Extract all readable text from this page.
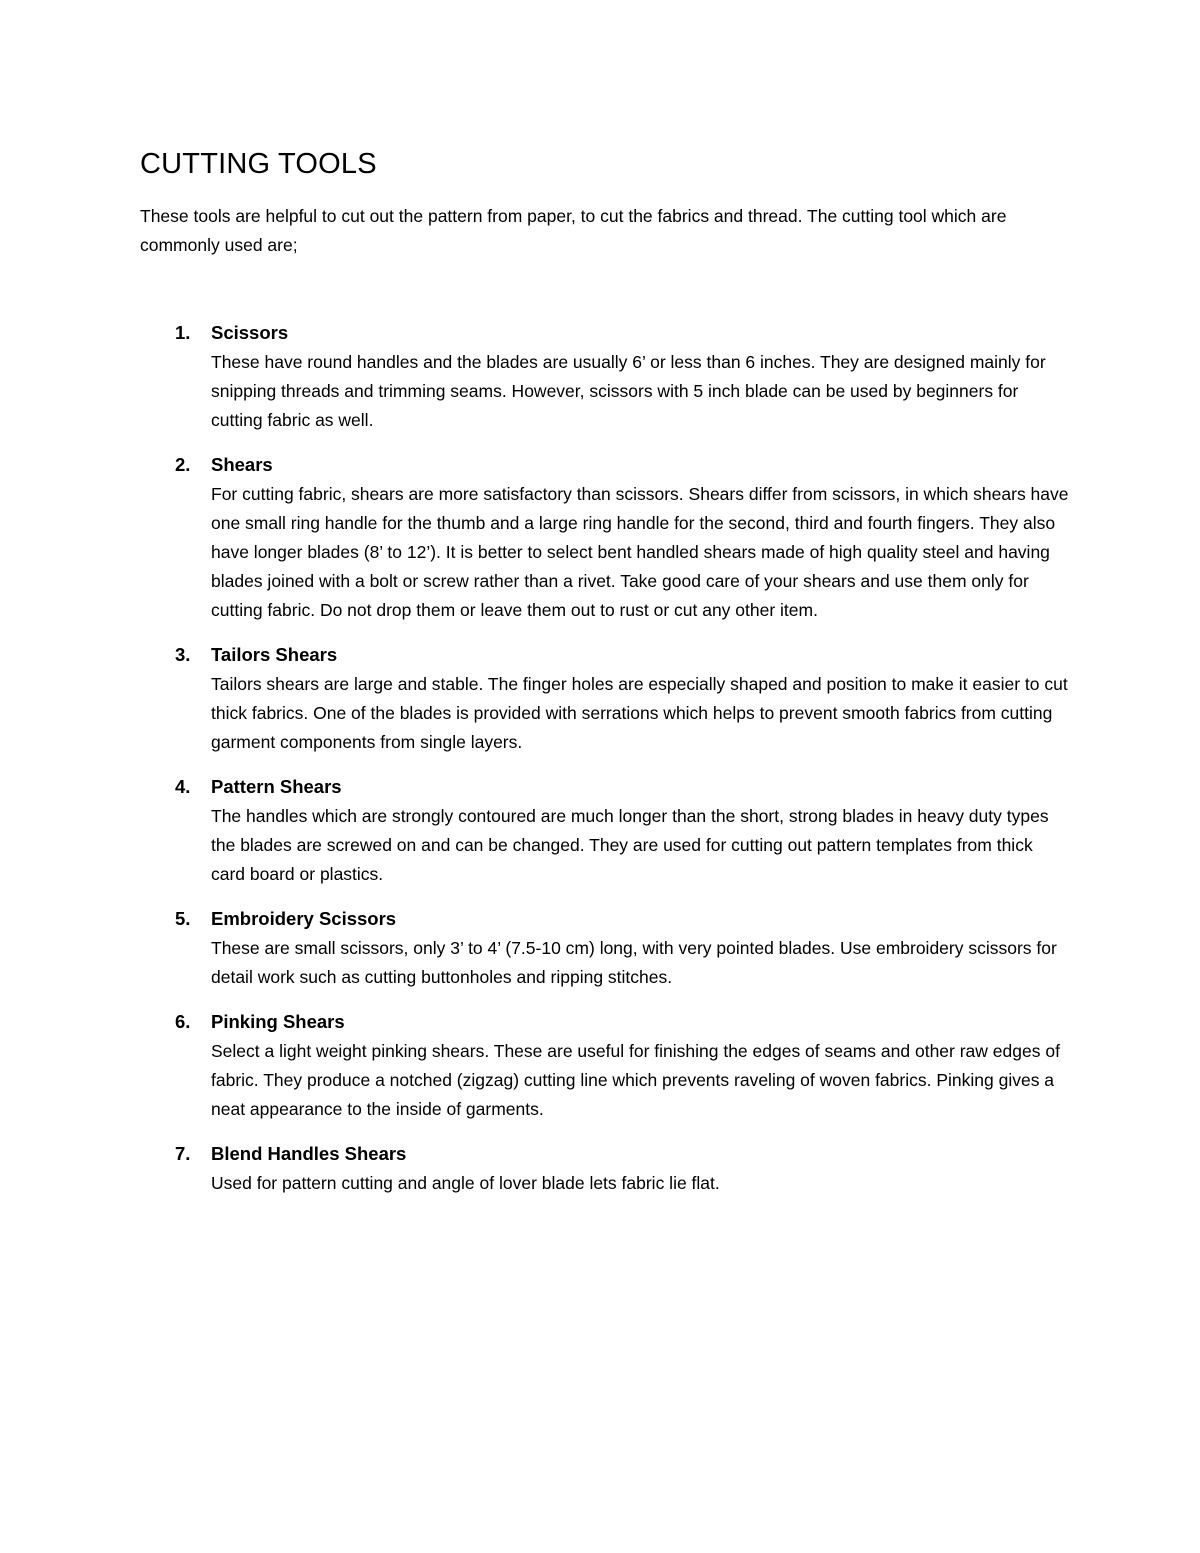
CUTTING TOOLS

These tools are helpful to cut out the pattern from paper, to cut the fabrics and thread. The cutting tool which are commonly used are;

1. Scissors

These have round handles and the blades are usually 6’ or less than 6 inches. They are designed mainly for snipping threads and trimming seams. However, scissors with 5 inch blade can be used by beginners for cutting fabric as well.

2. Shears

For cutting fabric, shears are more satisfactory than scissors. Shears differ from scissors, in which shears have one small ring handle for the thumb and a large ring handle for the second, third and fourth fingers. They also have longer blades (8’ to 12’). It is better to select bent handled shears made of high quality steel and having blades joined with a bolt or screw rather than a rivet. Take good care of your shears and use them only for cutting fabric. Do not drop them or leave them out to rust or cut any other item.

3. Tailors Shears

Tailors shears are large and stable. The finger holes are especially shaped and position to make it easier to cut thick fabrics. One of the blades is provided with serrations which helps to prevent smooth fabrics from cutting garment components from single layers.

4. Pattern Shears

The handles which are strongly contoured are much longer than the short, strong blades in heavy duty types the blades are screwed on and can be changed. They are used for cutting out pattern templates from thick card board or plastics.

5. Embroidery Scissors

These are small scissors, only 3’ to 4’ (7.5-10 cm) long, with very pointed blades. Use embroidery scissors for detail work such as cutting buttonholes and ripping stitches.

6. Pinking Shears

Select a light weight pinking shears. These are useful for finishing the edges of seams and other raw edges of fabric. They produce a notched (zigzag) cutting line which prevents raveling of woven fabrics. Pinking gives a neat appearance to the inside of garments.

7. Blend Handles Shears

Used for pattern cutting and angle of lover blade lets fabric lie flat.
